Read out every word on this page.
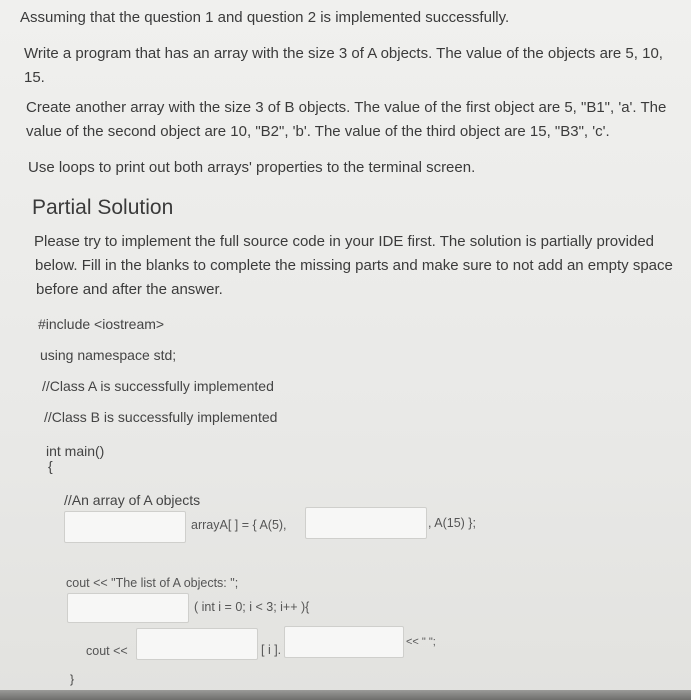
Assuming that the question 1 and question 2 is implemented successfully.
Write a program that has an array with the size 3 of A objects. The value of the objects are 5, 10,
15.
Create another array with the size 3 of B objects. The value of the first object are 5, "B1", 'a'. The
value of the second object are 10, "B2", 'b'. The value of the third object are 15, "B3", 'c'.
Use loops to print out both arrays' properties to the terminal screen.
Partial Solution
Please try to implement the full source code in your IDE first. The solution is partially provided
below. Fill in the blanks to complete the missing parts and make sure to not add an empty space
before and after the answer.
#include <iostream>
using namespace std;
//Class A is successfully implemented
//Class B is successfully implemented
int main()
{
//An array of A objects
arrayA[ ] = { A(5),	, A(15) };
cout << "The list of A objects: ";
( int i = 0; i < 3; i++ ){
cout <<	[ i ].
<< " ";
}
